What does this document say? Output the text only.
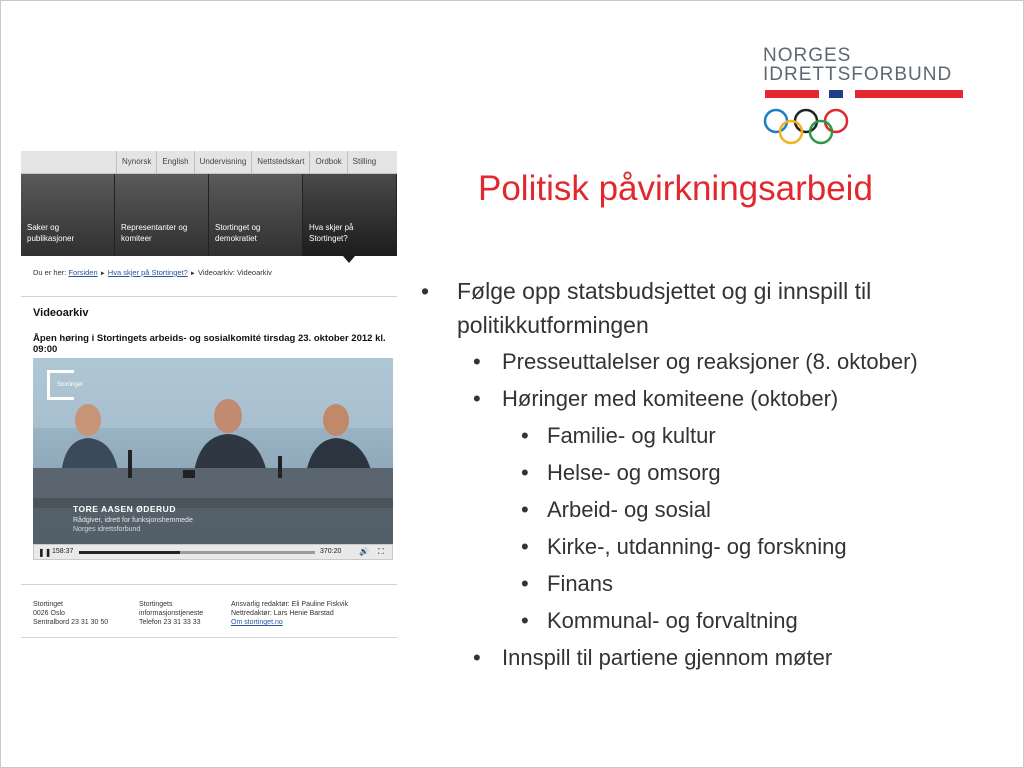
NORGES
IDRETTSFORBUND
Politisk påvirkningsarbeid
• Følge opp statsbudsjettet og gi innspill til
politikkutformingen
• Presseuttalelser og reaksjoner (8. oktober)
• Høringer med komiteene (oktober)
• Familie- og kultur
• Helse- og omsorg
• Arbeid- og sosial
• Kirke-, utdanning- og forskning
• Finans
• Kommunal- og forvaltning
• Innspill til partiene gjennom møter
Nynorsk	English	Undervisning	Nettstedskart	Ordbok	Stilling
Saker og
publikasjoner
Representanter og
komiteer
Stortinget og
demokratiet
Hva skjer på
Stortinget?
Du er her: Forsiden ► Hva skjer på Stortinget? ► Videoarkiv: Videoarkiv
Videoarkiv
Åpen høring i Stortingets arbeids- og sosialkomité tirsdag 23. oktober 2012 kl. 09:00
Stortinget
TORE AASEN ØDERUD
Rådgiver, idrett for funksjonshemmede
Norges idrettsforbund
❚❚ 158:37	370:20 🔊 ⛶
Stortinget
0026 Oslo
Sentralbord 23 31 30 50
Stortingets
informasjonstjeneste
Telefon 23 31 33 33
Ansvarlig redaktør: Eli Pauline Fiskvik
Nettredaktør: Lars Henie Barstad
Om stortinget.no
